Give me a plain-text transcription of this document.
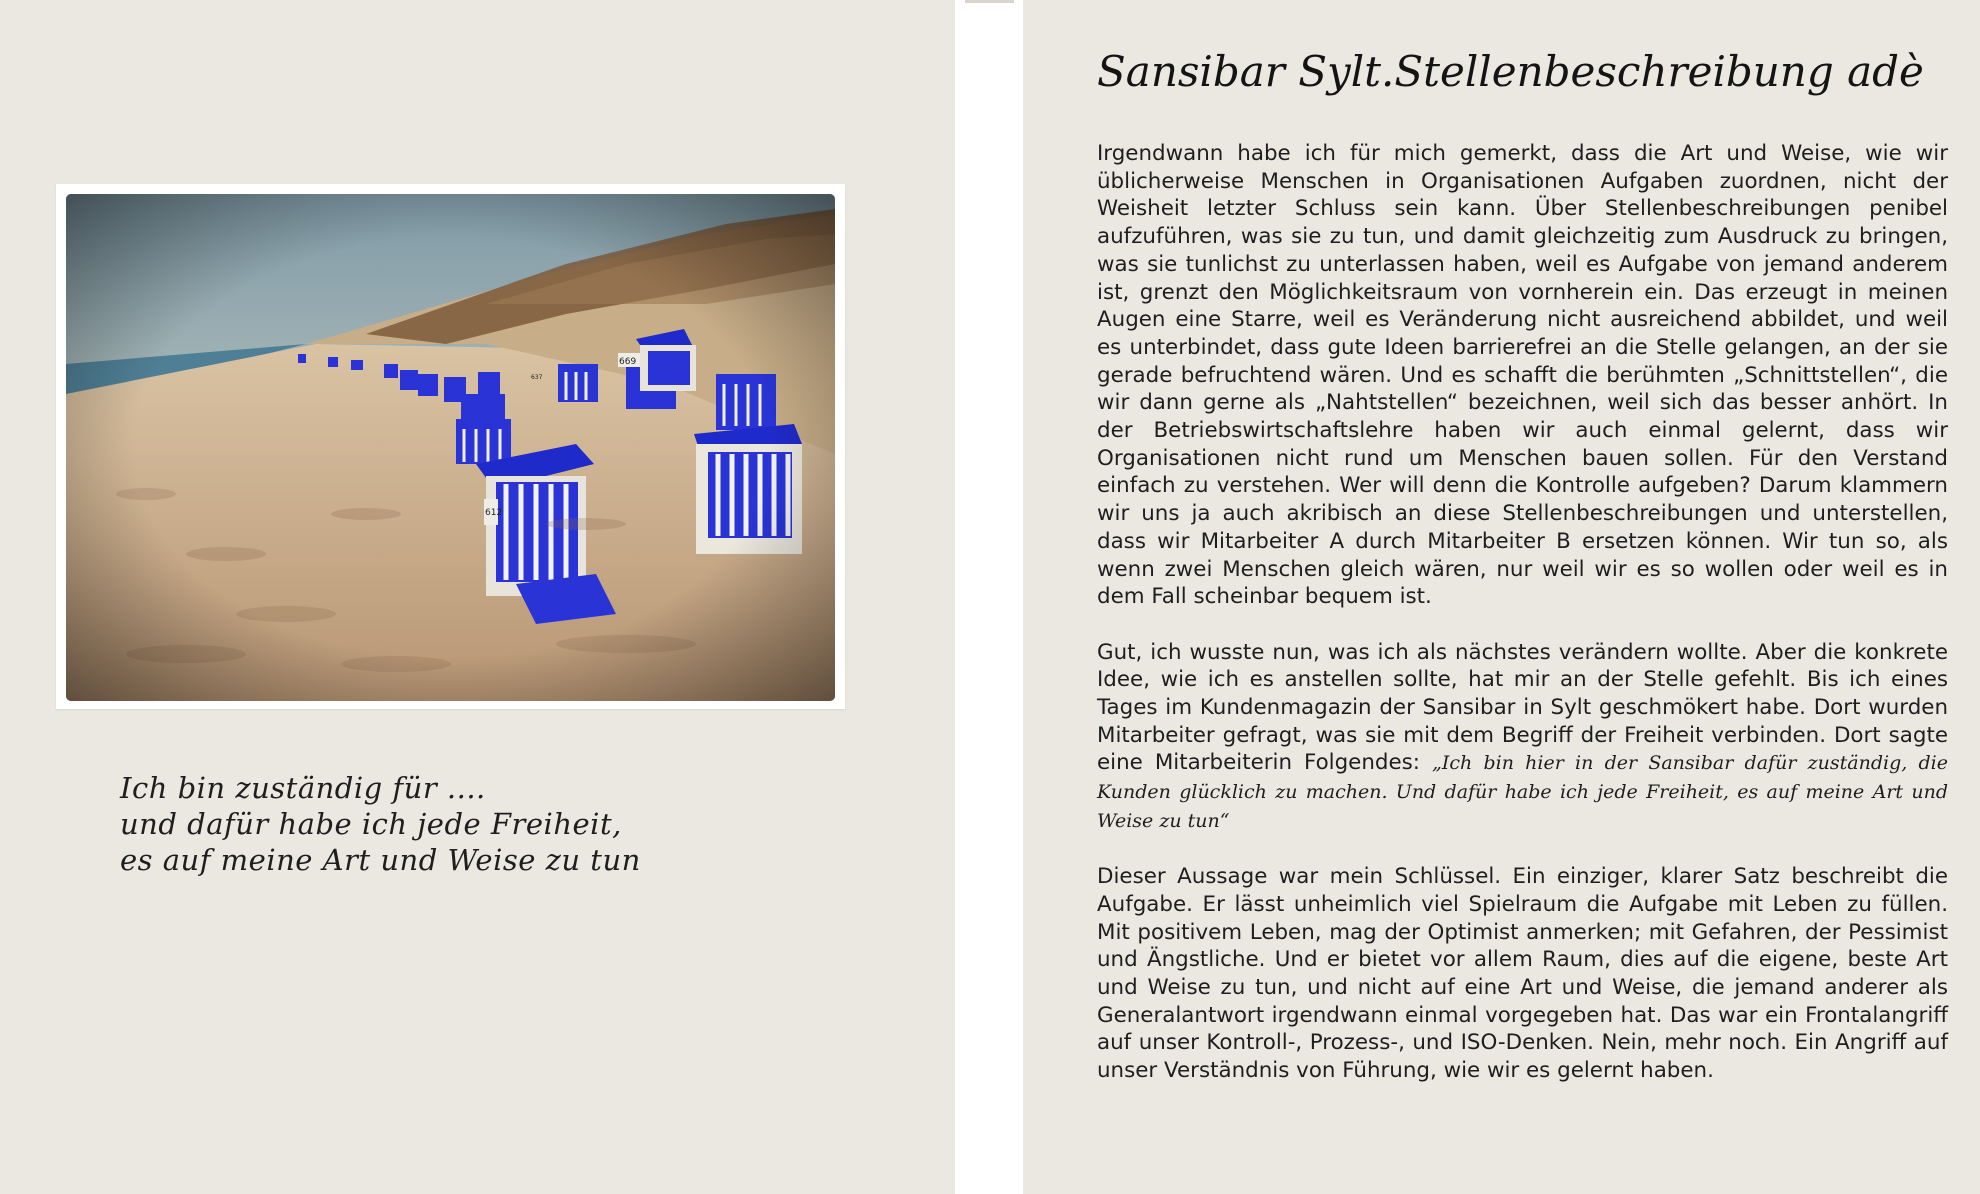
Ich bin zuständig für ....
und dafür habe ich jede Freiheit,
es auf meine Art und Weise zu tun
Sansibar Sylt.Stellenbeschreibung adè

Irgendwann habe ich für mich gemerkt, dass die Art und Weise, wie wir üblicherweise Menschen in Organisationen Aufgaben zuordnen, nicht der Weisheit letzter Schluss sein kann. Über Stellenbeschreibungen penibel aufzuführen, was sie zu tun, und damit gleichzeitig zum Ausdruck zu bringen, was sie tunlichst zu unterlassen haben, weil es Aufgabe von jemand anderem ist, grenzt den Möglichkeitsraum von vornherein ein. Das erzeugt in meinen Augen eine Starre, weil es Veränderung nicht ausreichend abbildet, und weil es unterbindet, dass gute Ideen barrierefrei an die Stelle gelangen, an der sie gerade befruchtend wären. Und es schafft die berühmten „Schnittstellen“, die wir dann gerne als „Nahtstellen“ bezeichnen, weil sich das besser anhört. In der Betriebswirtschaftslehre haben wir auch einmal gelernt, dass wir Organisationen nicht rund um Menschen bauen sollen. Für den Verstand einfach zu verstehen. Wer will denn die Kontrolle aufgeben? Darum klammern wir uns ja auch akribisch an diese Stellenbeschreibungen und unterstellen, dass wir Mitarbeiter A durch Mitarbeiter B ersetzen können. Wir tun so, als wenn zwei Menschen gleich wären, nur weil wir es so wollen oder weil es in dem Fall scheinbar bequem ist.

Gut, ich wusste nun, was ich als nächstes verändern wollte. Aber die konkrete Idee, wie ich es anstellen sollte, hat mir an der Stelle gefehlt. Bis ich eines Tages im Kundenmagazin der Sansibar in Sylt geschmökert habe. Dort wurden Mitarbeiter gefragt, was sie mit dem Begriff der Freiheit verbinden. Dort sagte eine Mitarbeiterin Folgendes: „Ich bin hier in der Sansibar dafür zuständig, die Kunden glücklich zu machen. Und dafür habe ich jede Freiheit, es auf meine Art und Weise zu tun“

Dieser Aussage war mein Schlüssel. Ein einziger, klarer Satz beschreibt die Aufgabe. Er lässt unheimlich viel Spielraum die Aufgabe mit Leben zu füllen. Mit positivem Leben, mag der Optimist anmerken; mit Gefahren, der Pessimist und Ängstliche. Und er bietet vor allem Raum, dies auf die eigene, beste Art und Weise zu tun, und nicht auf eine Art und Weise, die jemand anderer als Generalantwort irgendwann einmal vorgegeben hat. Das war ein Frontalangriff auf unser Kontroll-, Prozess-, und ISO-Denken. Nein, mehr noch. Ein Angriff auf unser Verständnis von Führung, wie wir es gelernt haben.
